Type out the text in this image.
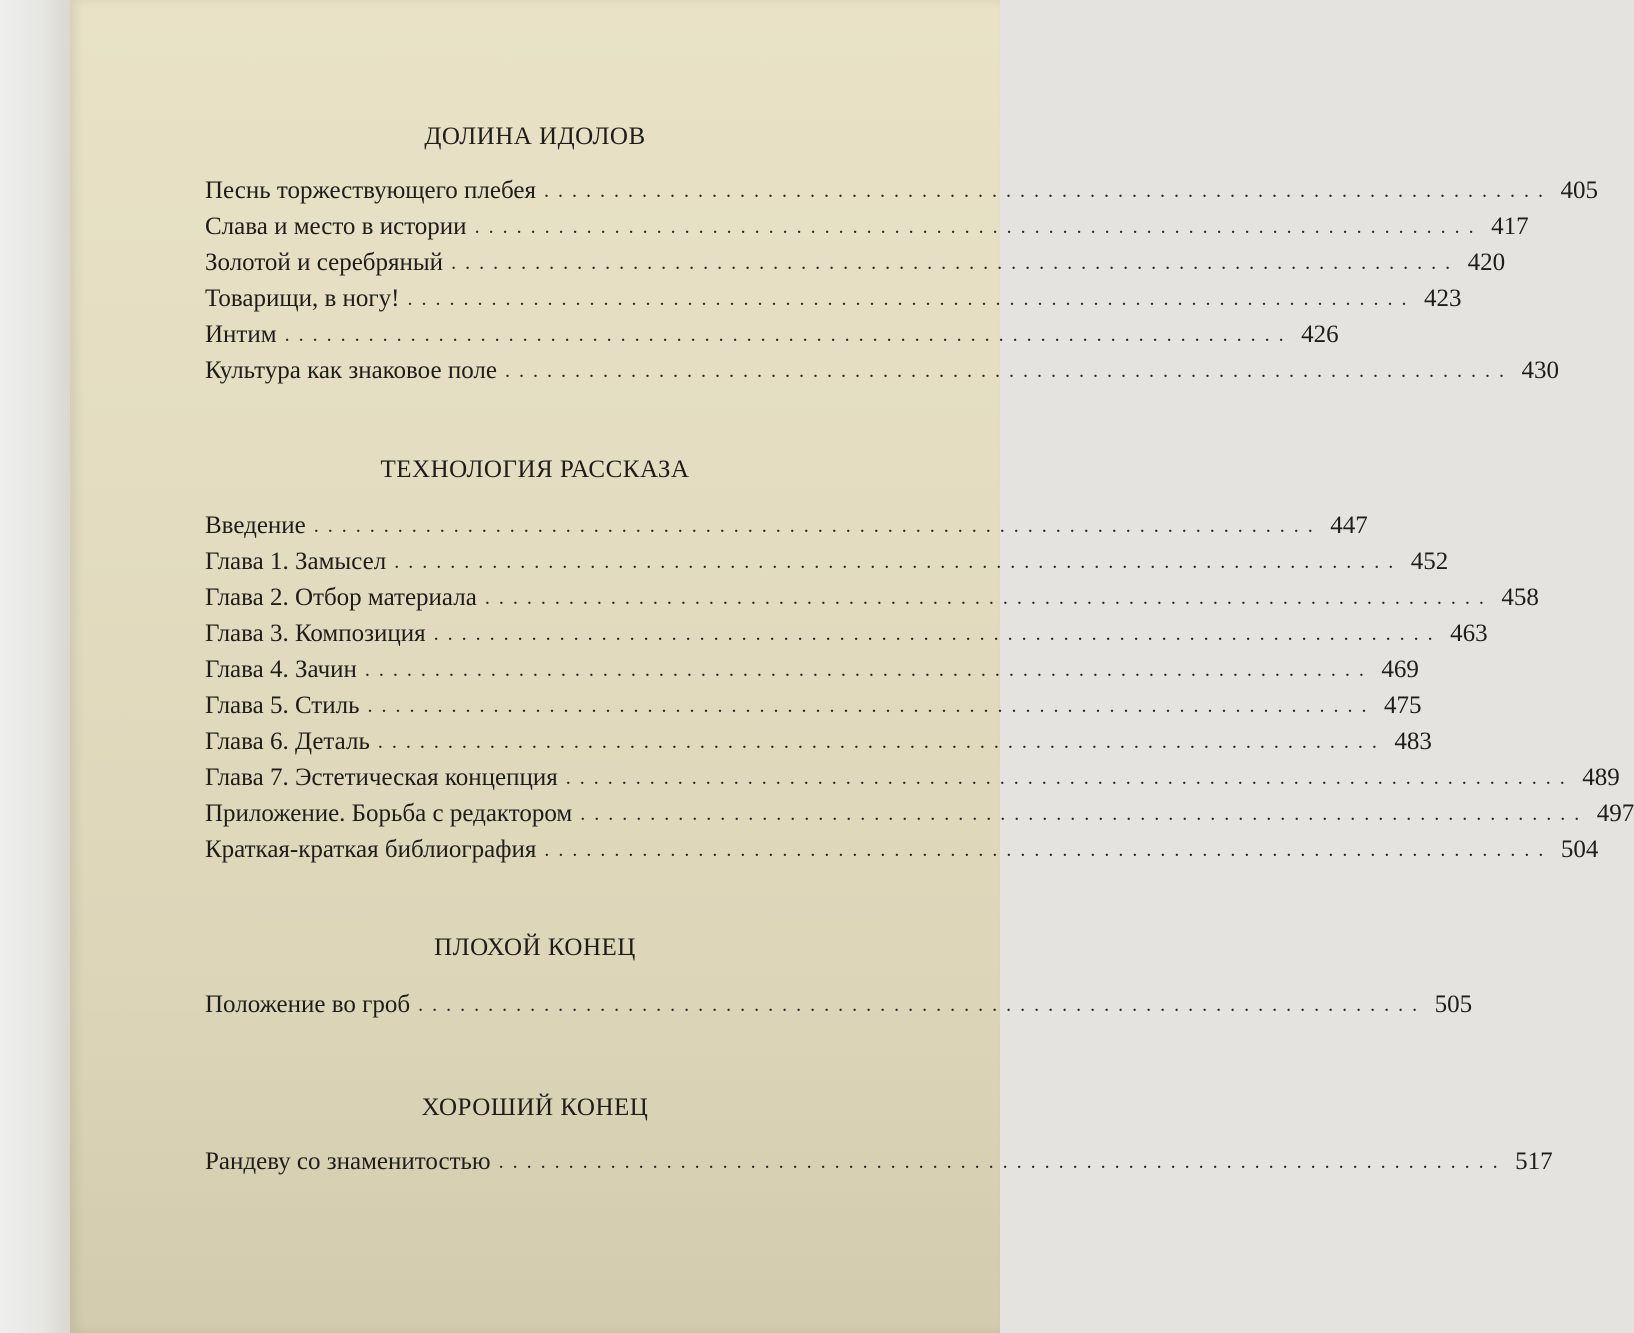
ДОЛИНА ИДОЛОВ
Песнь торжествующего плебея ........................................................................ 405
Слава и место в истории ........................................................................ 417
Золотой и серебряный ........................................................................ 420
Товарищи, в ногу! ........................................................................ 423
Интим ........................................................................ 426
Культура как знаковое поле ........................................................................ 430
ТЕХНОЛОГИЯ РАССКАЗА
Введение ........................................................................ 447
Глава 1. Замысел ........................................................................ 452
Глава 2. Отбор материала ........................................................................ 458
Глава 3. Композиция ........................................................................ 463
Глава 4. Зачин ........................................................................ 469
Глава 5. Стиль ........................................................................ 475
Глава 6. Деталь ........................................................................ 483
Глава 7. Эстетическая концепция ........................................................................ 489
Приложение. Борьба с редактором ........................................................................ 497
Краткая-краткая библиография ........................................................................ 504
ПЛОХОЙ КОНЕЦ
Положение во гроб ........................................................................ 505
ХОРОШИЙ КОНЕЦ
Рандеву со знаменитостью ........................................................................ 517
